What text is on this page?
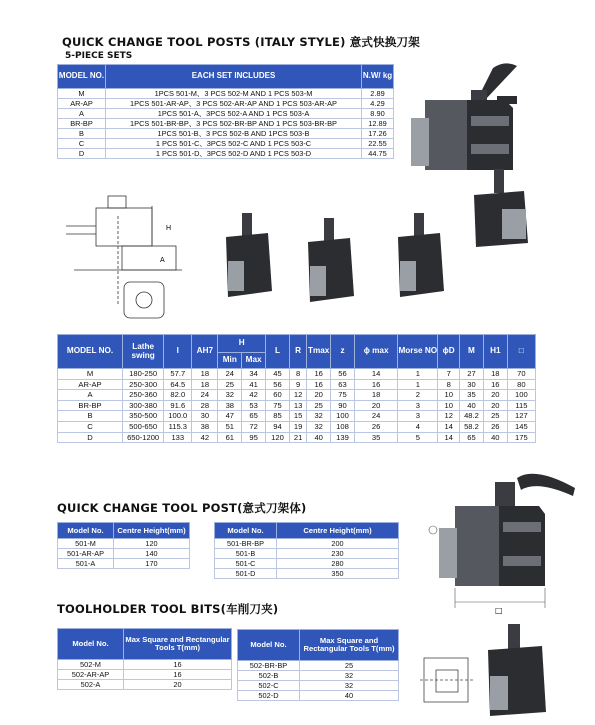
QUICK CHANGE TOOL POSTS (ITALY STYLE) 意式快换刀架
5-PIECE SETS
MODEL NO.	EACH SET INCLUDES	N.W/ kg
M	1PCS 501-M、3 PCS 502-M AND 1 PCS 503-M	2.89
AR-AP	1PCS 501-AR-AP、3 PCS 502-AR-AP AND 1 PCS 503-AR-AP	4.29
A	1PCS 501-A、3PCS 502-A AND 1 PCS 503-A	8.90
BR-BP	1PCS 501-BR-BP、3 PCS 502-BR-BP AND 1 PCS 503-BR-BP	12.89
B	1PCS 501-B、3 PCS 502-B AND 1PCS 503-B	17.26
C	1 PCS 501-C、3PCS 502-C AND 1 PCS 503-C	22.55
D	1 PCS 501-D、3PCS 502-D AND 1 PCS 503-D	44.75
A
H
MODEL NO.	Lathe swing	l	AH7	H		L	R	Tmax	z	ɸ max	Morse NO	ɸD	M	H1	□
				Min	Max										
M	180-250	57.7	18	24	34	45	8	16	56	14	1	7	27	18	70
AR-AP	250-300	64.5	18	25	41	56	9	16	63	16	1	8	30	16	80
A	250-360	82.0	24	32	42	60	12	20	75	18	2	10	35	20	100
BR-BP	300-380	91.6	28	38	53	75	13	25	90	20	3	10	40	20	115
B	350-500	100.0	30	47	65	85	15	32	100	24	3	12	48.2	25	127
C	500-650	115.3	38	51	72	94	19	32	108	26	4	14	58.2	26	145
D	650-1200	133	42	61	95	120	21	40	139	35	5	14	65	40	175
QUICK CHANGE TOOL POST(意式刀架体)
Model No.	Centre Height(mm)
501-M	120
501-AR-AP	140
501-A	170
Model No.	Centre Height(mm)
501-BR-BP	200
501-B	230
501-C	280
501-D	350
□
TOOLHOLDER TOOL BITS(车削刀夹)
Model No.	Max Square and Rectangular Tools T(mm)
502-M	16
502-AR-AP	16
502-A	20
Model No.	Max Square and Rectangular Tools T(mm)
502-BR-BP	25
502-B	32
502-C	32
502-D	40
